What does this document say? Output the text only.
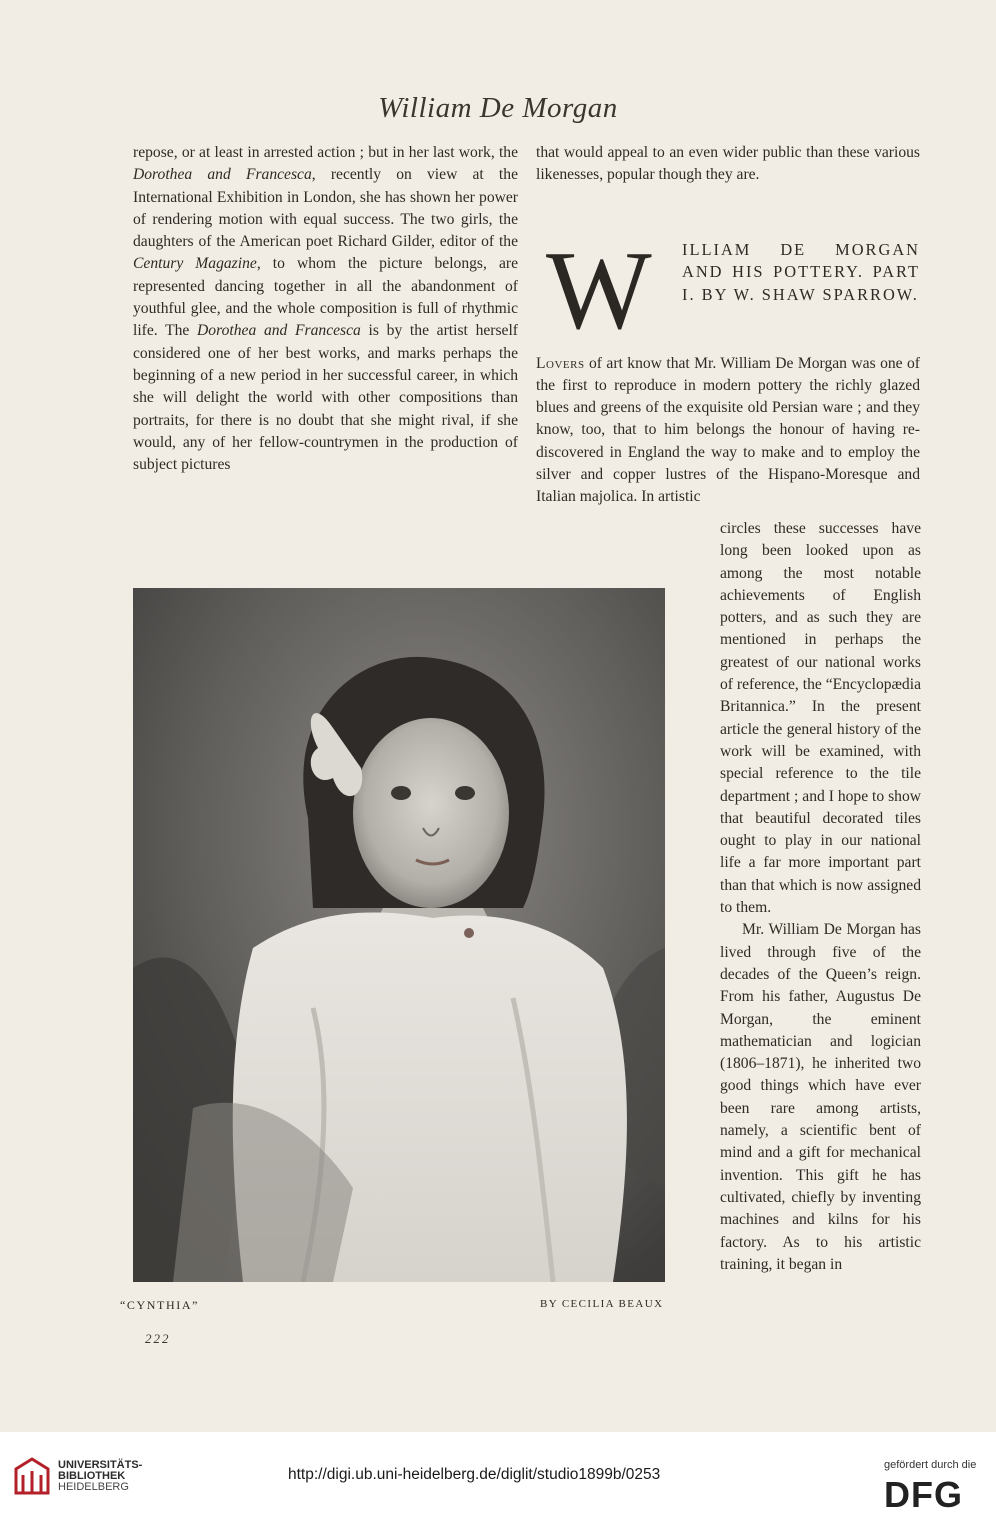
William De Morgan

repose, or at least in arrested action ; but in her last work, the Dorothea and Francesca, recently on view at the International Exhibition in London, she has shown her power of rendering motion with equal success. The two girls, the daughters of the American poet Richard Gilder, editor of the Century Magazine, to whom the picture belongs, are represented dancing together in all the abandonment of youthful glee, and the whole composition is full of rhythmic life. The Dorothea and Francesca is by the artist herself considered one of her best works, and marks perhaps the beginning of a new period in her successful career, in which she will delight the world with other compositions than portraits, for there is no doubt that she might rival, if she would, any of her fellow-countrymen in the production of subject pictures

that would appeal to an even wider public than these various likenesses, popular though they are.

W ILLIAM DE MORGAN AND HIS POTTERY. PART I. BY W. SHAW SPARROW.

Lovers of art know that Mr. William De Morgan was one of the first to reproduce in modern pottery the richly glazed blues and greens of the exquisite old Persian ware ; and they know, too, that to him belongs the honour of having re-discovered in England the way to make and to employ the silver and copper lustres of the Hispano-Moresque and Italian majolica. In artistic

circles these successes have long been looked upon as among the most notable achievements of English potters, and as such they are mentioned in perhaps the greatest of our national works of reference, the “Encyclopædia Britannica.” In the present article the general history of the work will be examined, with special reference to the tile department ; and I hope to show that beautiful decorated tiles ought to play in our national life a far more important part than that which is now assigned to them.

Mr. William De Morgan has lived through five of the decades of the Queen’s reign. From his father, Augustus De Morgan, the eminent mathematician and logician (1806–1871), he inherited two good things which have ever been rare among artists, namely, a scientific bent of mind and a gift for mechanical invention. This gift he has cultivated, chiefly by inventing machines and kilns for his factory. As to his artistic training, it began in

“CYNTHIA”	BY CECILIA BEAUX
222
UNIVERSITÄTS-
BIBLIOTHEK
HEIDELBERG
http://digi.ub.uni-heidelberg.de/diglit/studio1899b/0253
gefördert durch die
DFG
